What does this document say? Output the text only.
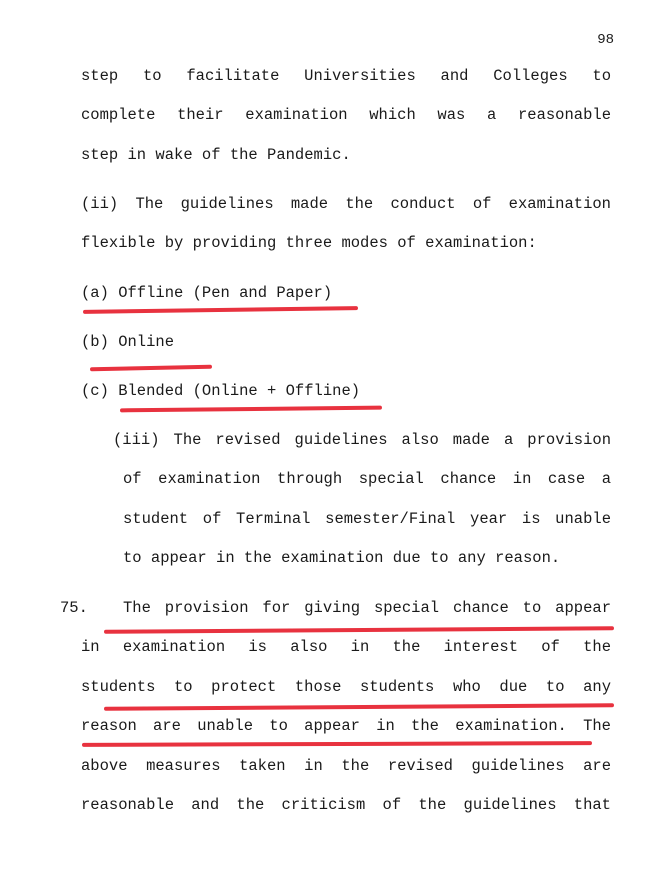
98
step to facilitate Universities and Colleges to
complete their examination which was a reasonable
step in wake of the Pandemic.
(ii) The guidelines made the conduct of examination
flexible by providing three modes of examination:
(a) Offline (Pen and Paper)
(b) Online
(c) Blended (Online + Offline)
(iii) The revised guidelines also made a provision
of examination through special chance in case a
student of Terminal semester/Final year is unable
to appear in the examination due to any reason.
75. The provision for giving special chance to appear
in examination is also in the interest of the
students to protect those students who due to any
reason are unable to appear in the examination. The
above measures taken in the revised guidelines are
reasonable and the criticism of the guidelines that
